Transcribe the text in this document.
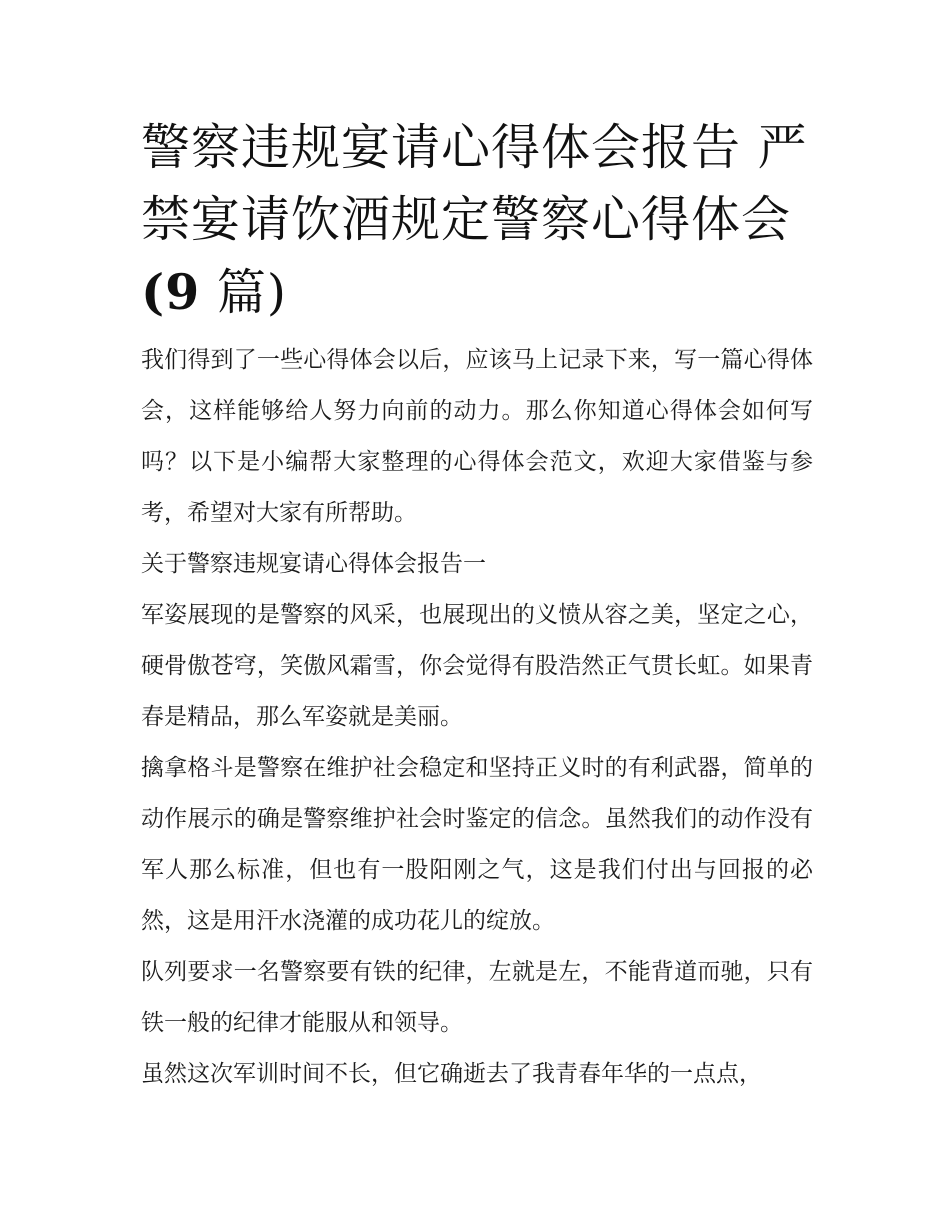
警察违规宴请心得体会报告 严禁宴请饮酒规定警察心得体会
(9 篇)

我们得到了一些心得体会以后，应该马上记录下来，写一篇心得体会，这样能够给人努力向前的动力。那么你知道心得体会如何写吗？以下是小编帮大家整理的心得体会范文，欢迎大家借鉴与参考，希望对大家有所帮助。

关于警察违规宴请心得体会报告一

军姿展现的是警察的风采，也展现出的义愤从容之美，坚定之心，硬骨傲苍穹，笑傲风霜雪，你会觉得有股浩然正气贯长虹。如果青春是精品，那么军姿就是美丽。

擒拿格斗是警察在维护社会稳定和坚持正义时的有利武器，简单的动作展示的确是警察维护社会时鉴定的信念。虽然我们的动作没有军人那么标准，但也有一股阳刚之气，这是我们付出与回报的必然，这是用汗水浇灌的成功花儿的绽放。

队列要求一名警察要有铁的纪律，左就是左，不能背道而驰，只有铁一般的纪律才能服从和领导。

虽然这次军训时间不长，但它确逝去了我青春年华的一点点，
